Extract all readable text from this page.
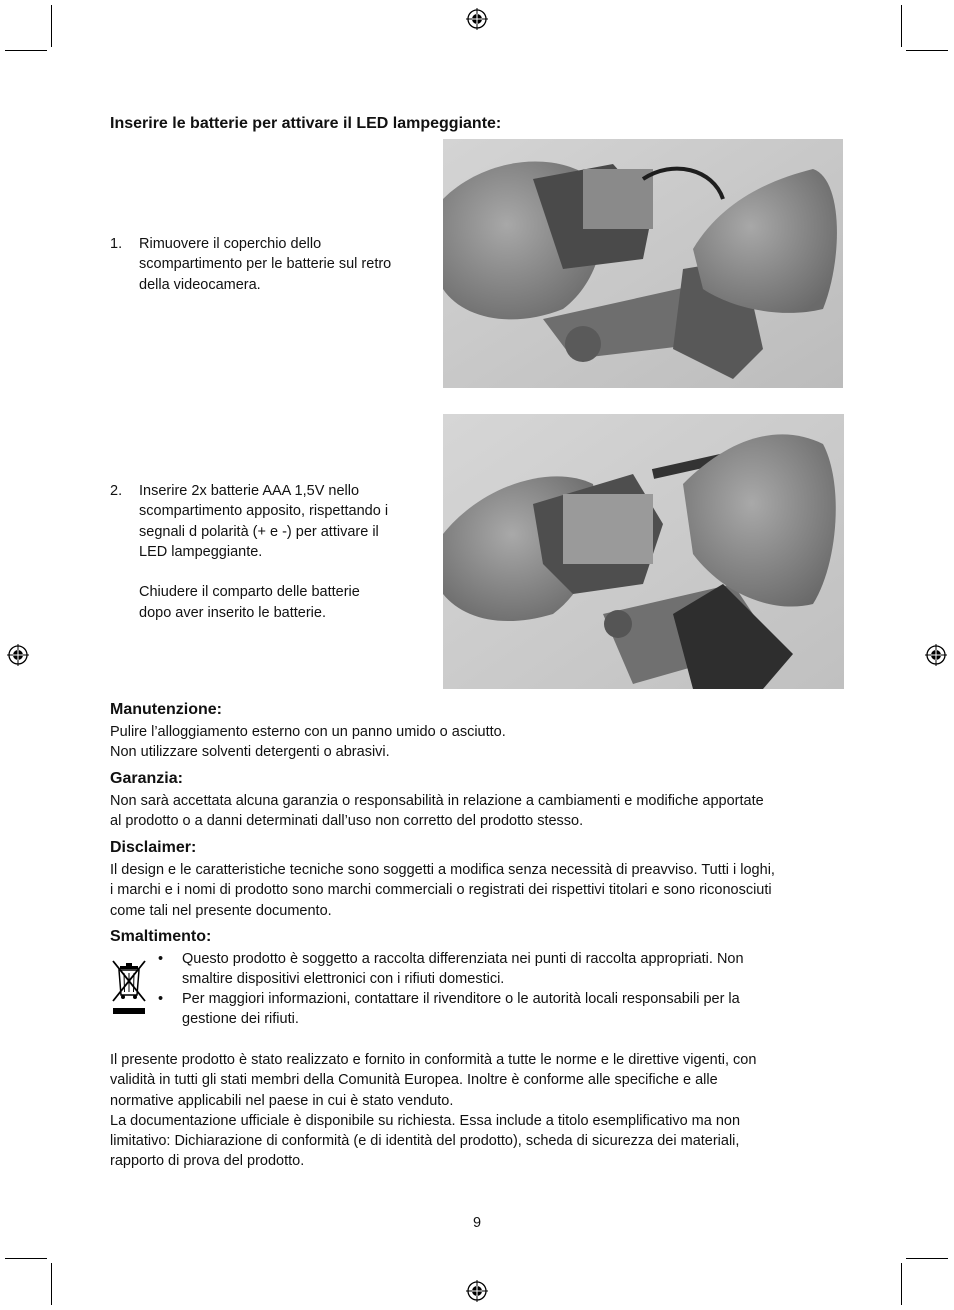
Inserire le batterie per attivare il LED lampeggiante:
1. Rimuovere il coperchio dello
scompartimento per le batterie sul retro
della videocamera.
2. Inserire 2x batterie AAA 1,5V nello
scompartimento apposito, rispettando i
segnali d polarità (+ e -) per attivare il
LED lampeggiante.

Chiudere il comparto delle batterie
dopo aver inserito le batterie.
Manutenzione:
Pulire l’alloggiamento esterno con un panno umido o asciutto.
Non utilizzare solventi detergenti o abrasivi.
Garanzia:
Non sarà accettata alcuna garanzia o responsabilità in relazione a cambiamenti e modifiche apportate
al prodotto o a danni determinati dall’uso non corretto del prodotto stesso.
Disclaimer:
Il design e le caratteristiche tecniche sono soggetti a modifica senza necessità di preavviso. Tutti i loghi,
i marchi e i nomi di prodotto sono marchi commerciali o registrati dei rispettivi titolari e sono riconosciuti
come tali nel presente documento.
Smaltimento:
• Questo prodotto è soggetto a raccolta differenziata nei punti di raccolta appropriati. Non
smaltire dispositivi elettronici con i rifiuti domestici.
• Per maggiori informazioni, contattare il rivenditore o le autorità locali responsabili per la
gestione dei rifiuti.
Il presente prodotto è stato realizzato e fornito in conformità a tutte le norme e le direttive vigenti, con
validità in tutti gli stati membri della Comunità Europea. Inoltre è conforme alle specifiche e alle
normative applicabili nel paese in cui è stato venduto.
La documentazione ufficiale è disponibile su richiesta. Essa include a titolo esemplificativo ma non
limitativo: Dichiarazione di conformità (e di identità del prodotto), scheda di sicurezza dei materiali,
rapporto di prova del prodotto.
9
